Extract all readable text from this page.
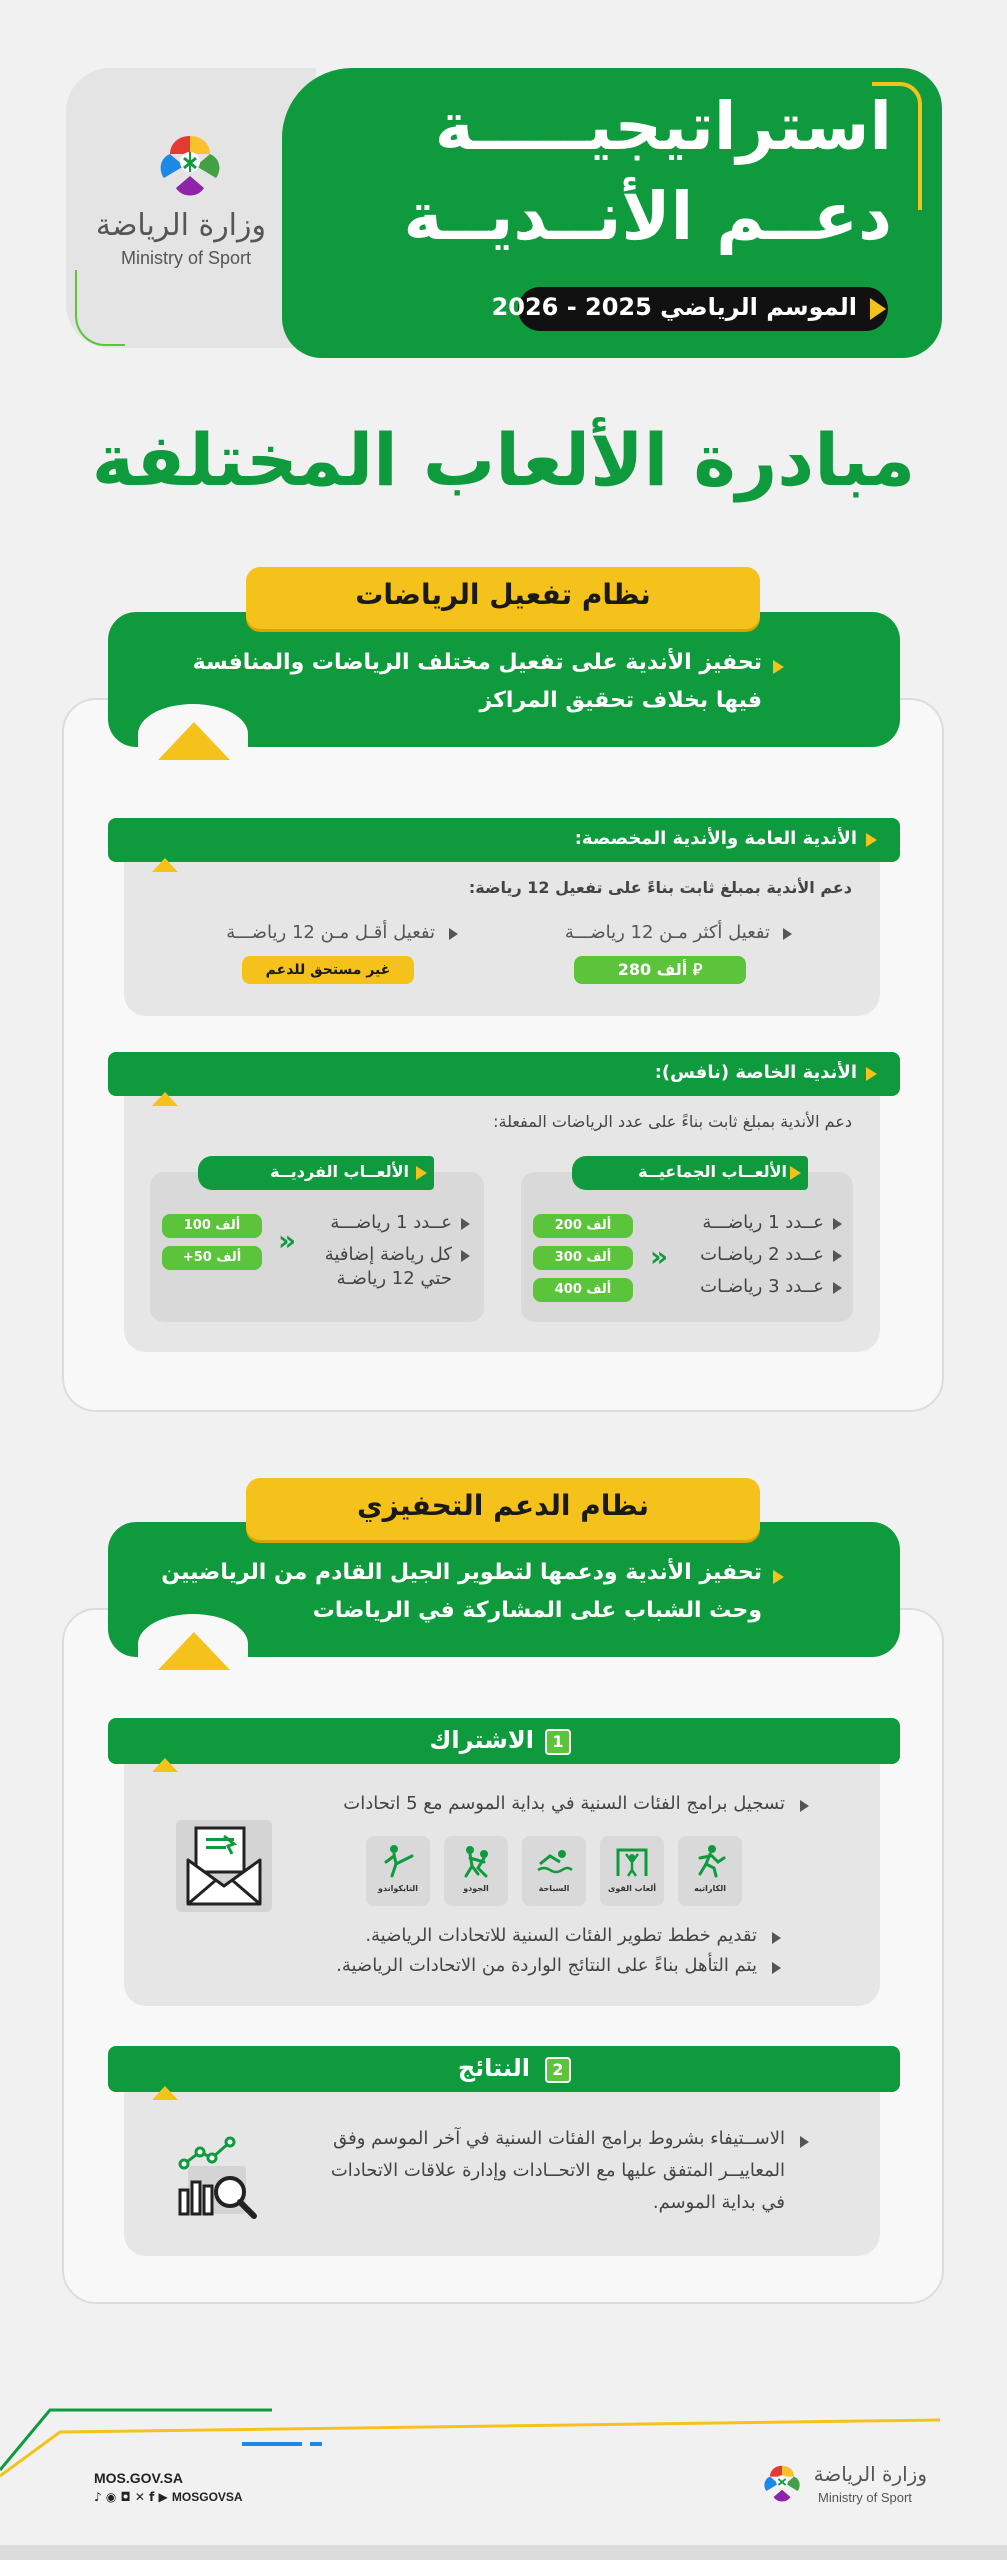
وزارة الرياضة
Ministry of Sport
استراتيجيـــــة
دعــم الأنــديــة
الموسم الرياضي 2025 - 2026
مبادرة الألعاب المختلفة
نظام تفعيل الرياضات
تحفيز الأندية على تفعيل مختلف الرياضات والمنافسة
فيها بخلاف تحقيق المراكز
الأندية العامة والأندية المخصصة:
دعم الأندية بمبلغ ثابت بناءً على تفعيل 12 رياضة:
تفعيل أكثر مـن 12 رياضـــة
280 ألف ⃁
تفعيل أقـل مـن 12 رياضـــة
غير مستحق للدعم
الأندية الخاصة (نافس):
دعم الأندية بمبلغ ثابت بناءً على عدد الرياضات المفعلة:
الألعــاب الجماعيــة
«
عــدد 1 رياضـــة
200 ألف
عــدد 2 رياضـات
300 ألف
عــدد 3 رياضـات
400 ألف
الألعــاب الفرديــة
«
عــدد 1 رياضـــة
100 ألف
كل رياضة إضافية
حتي 12 رياضـة
+50 ألف
نظام الدعم التحفيزي
تحفيز الأندية ودعمها لتطوير الجيل القادم من الرياضيين
وحث الشباب على المشاركة في الرياضات
1
الاشتراك
تسجيل برامج الفئات السنية في بداية الموسم مع 5 اتحادات
الكاراتيه
ألعاب القوى
السباحة
الجودو
التايكواندو
تقديم خطط تطوير الفئات السنية للاتحادات الرياضية.
يتم التأهل بناءً على النتائج الواردة من الاتحادات الرياضية.
2
النتائج
الاســتيفاء بشروط برامج الفئات السنية في آخر الموسم وفق
المعاييــر المتفق عليها مع الاتحــادات وإدارة علاقات الاتحادات
في بداية الموسم.
MOS.GOV.SA
♪ ◉ ◘ ✕ f ▶ MOSGOVSA
وزارة الرياضة
Ministry of Sport
